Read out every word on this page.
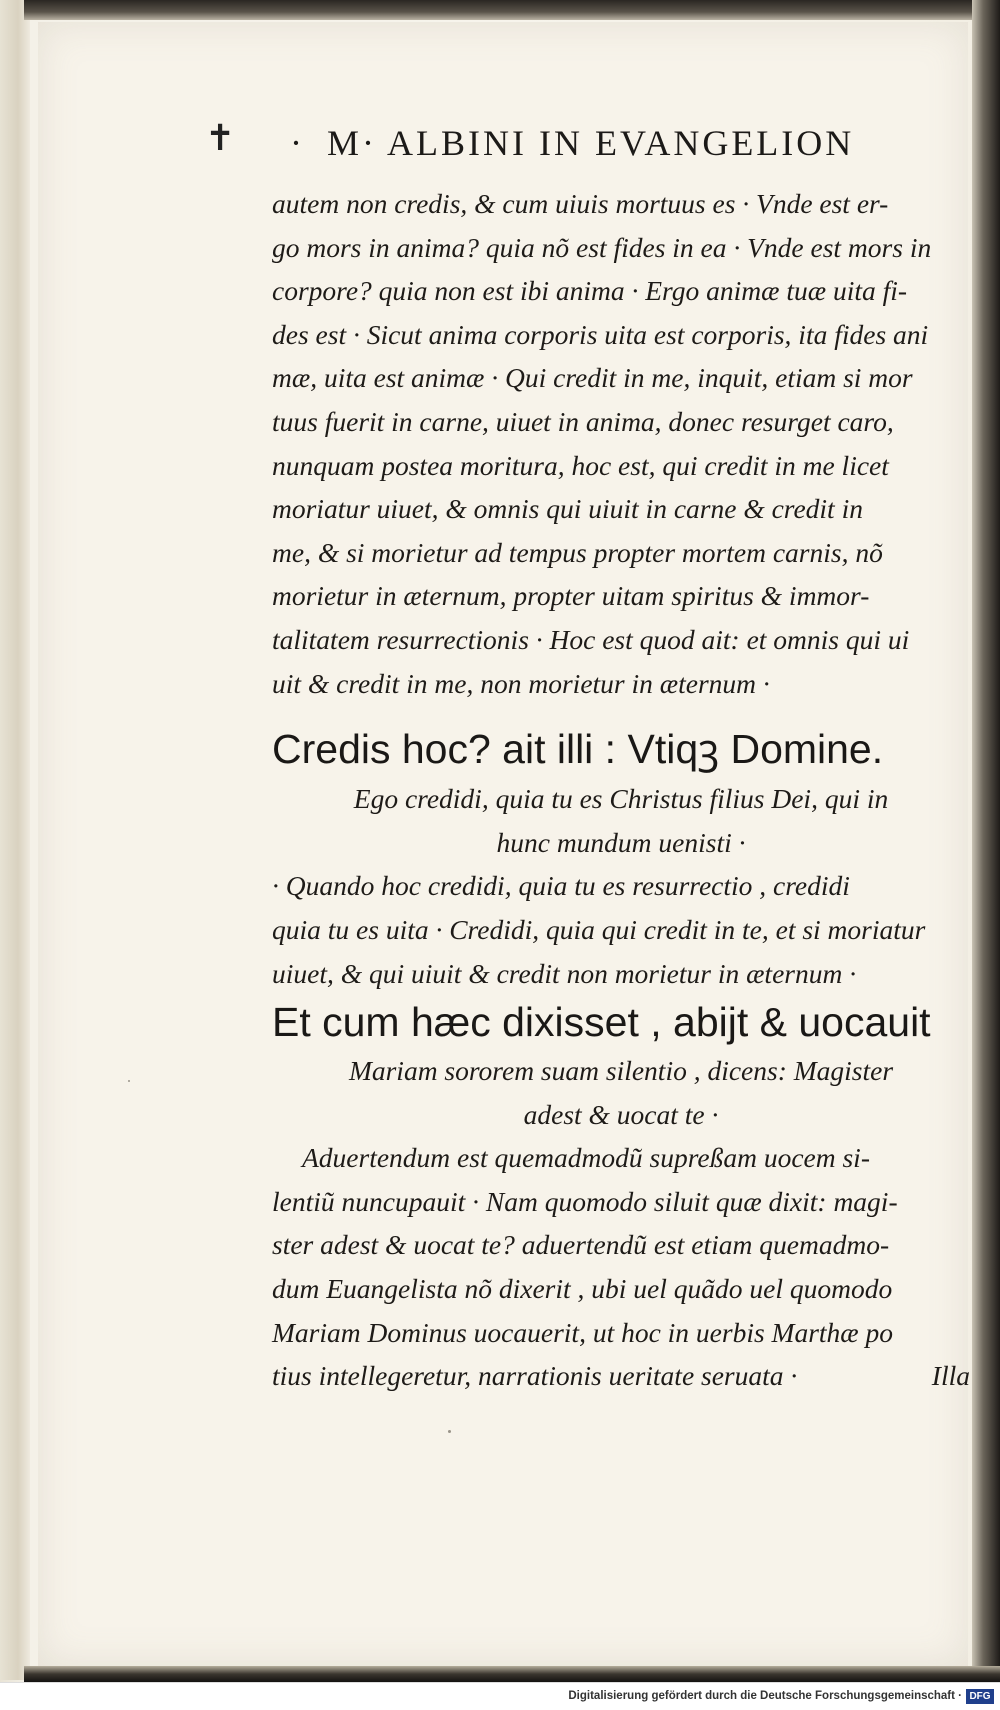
✝ · M· ALBINI IN EVANGELION

autem non credis, & cum uiuis mortuus es · Vnde est er-

go mors in anima? quia nõ est fides in ea · Vnde est mors in

corpore? quia non est ibi anima · Ergo animæ tuæ uita fi-

des est · Sicut anima corporis uita est corporis, ita fides ani

mæ, uita est animæ · Qui credit in me, inquit, etiam si mor

tuus fuerit in carne, uiuet in anima, donec resurget caro,

nunquam postea moritura, hoc est, qui credit in me licet

moriatur uiuet, & omnis qui uiuit in carne & credit in

me, & si morietur ad tempus propter mortem carnis, nõ

morietur in æternum, propter uitam spiritus & immor-

talitatem resurrectionis · Hoc est quod ait: et omnis qui ui

uit & credit in me, non morietur in æternum ·

Credis hoc? ait illi : Vtiqꝫ Domine.

Ego credidi, quia tu es Christus filius Dei, qui in

hunc mundum uenisti ·

· Quando hoc credidi, quia tu es resurrectio , credidi

quia tu es uita · Credidi, quia qui credit in te, et si moriatur

uiuet, & qui uiuit & credit non morietur in æternum ·

Et cum hæc dixisset , abijt & uocauit

Mariam sororem suam silentio , dicens: Magister

adest & uocat te ·

Aduertendum est quemadmodũ supreßam uocem si-

lentiũ nuncupauit · Nam quomodo siluit quæ dixit: magi-

ster adest & uocat te? aduertendũ est etiam quemadmo-

dum Euangelista nõ dixerit , ubi uel quãdo uel quomodo

Mariam Dominus uocauerit, ut hoc in uerbis Marthæ po

tius intellegeretur, narrationis ueritate seruata ·	Illa

Digitalisierung gefördert durch die Deutsche Forschungsgemeinschaft · DFG
